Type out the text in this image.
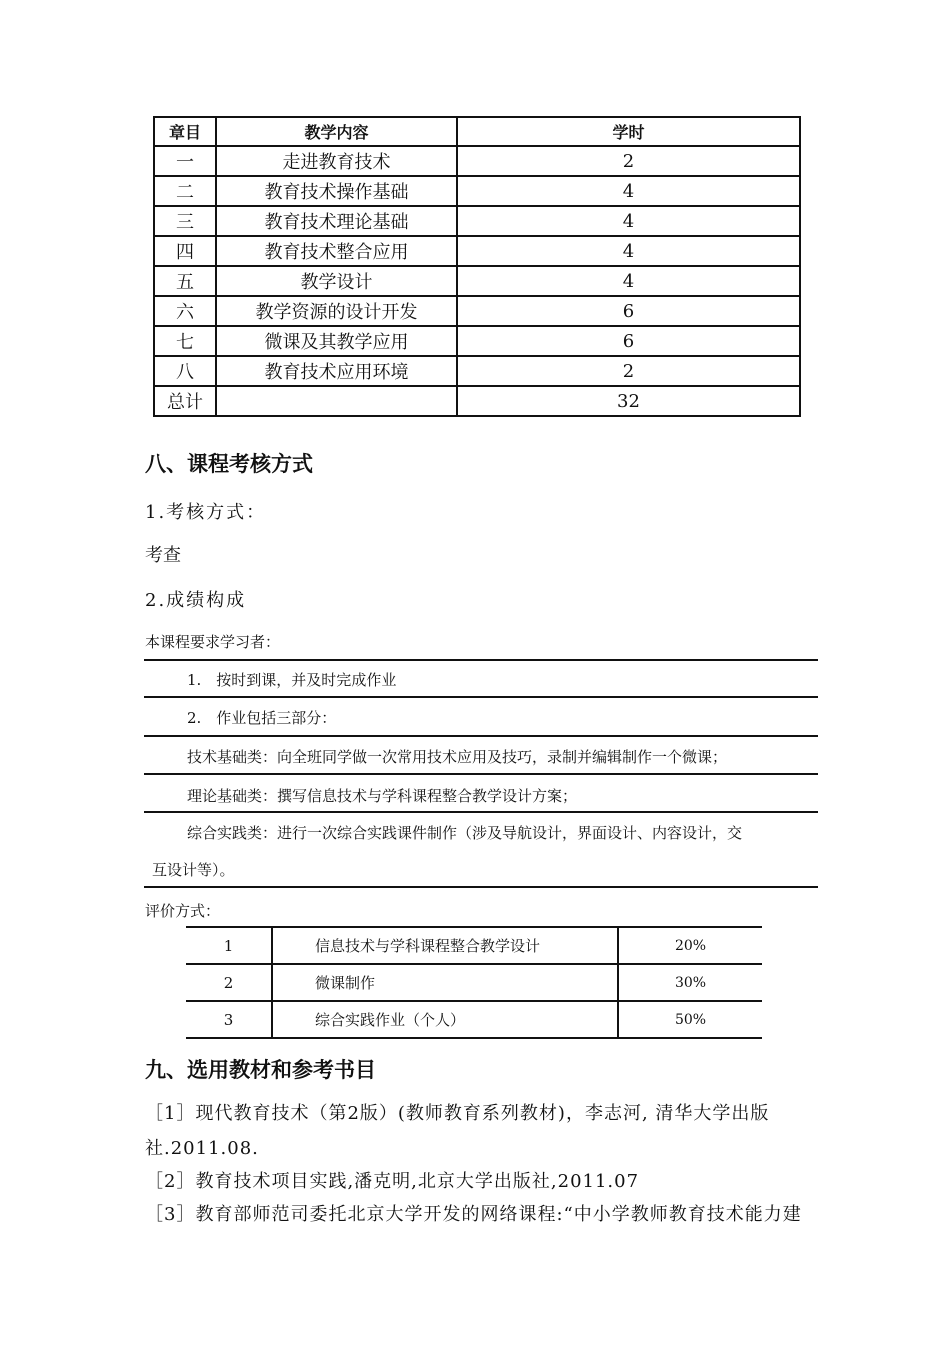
章目	教学内容	学时
一	走进教育技术	2
二	教育技术操作基础	4
三	教育技术理论基础	4
四	教育技术整合应用	4
五	教学设计	4
六	教学资源的设计开发	6
七	微课及其教学应用	6
八	教育技术应用环境	2
总计		32
八、课程考核方式
1.考核方式：
考查
2.成绩构成
本课程要求学习者：
1.　按时到课，并及时完成作业
2.　作业包括三部分：
技术基础类：向全班同学做一次常用技术应用及技巧，录制并编辑制作一个微课；
理论基础类：撰写信息技术与学科课程整合教学设计方案；
综合实践类：进行一次综合实践课件制作（涉及导航设计，界面设计、内容设计，交
互设计等）。
评价方式：
1	信息技术与学科课程整合教学设计	20%
2	微课制作	30%
3	综合实践作业（个人）	50%
九、选用教材和参考书目
［1］现代教育技术（第2版）(教师教育系列教材)，李志河, 清华大学出版
社.2011.08.
［2］教育技术项目实践,潘克明,北京大学出版社,2011.07
［3］教育部师范司委托北京大学开发的网络课程:“中小学教师教育技术能力建
